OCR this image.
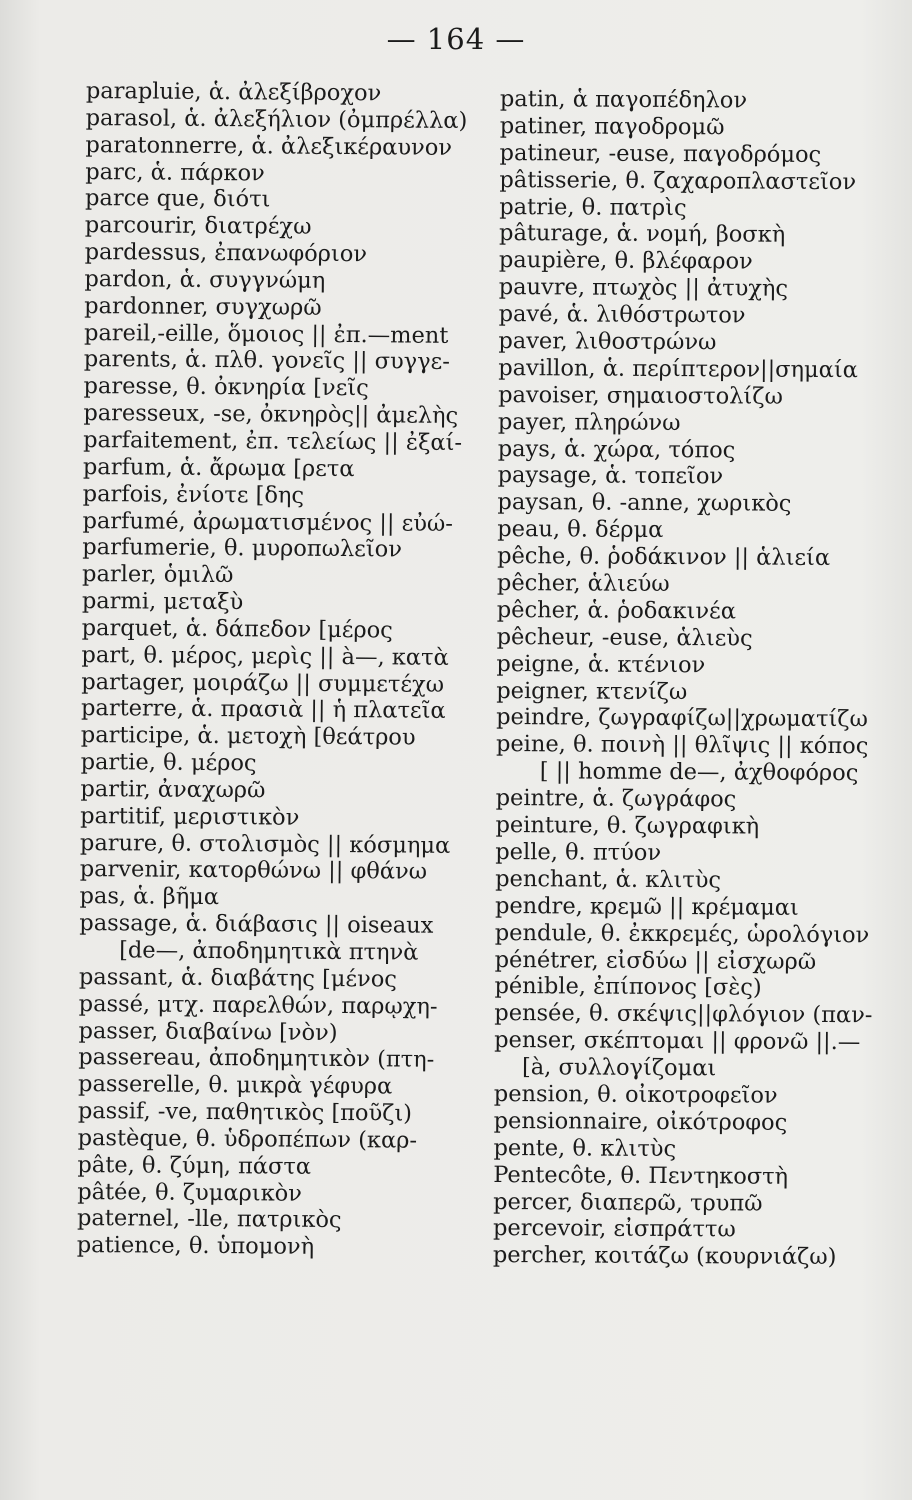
— 164 —
parapluie, ἁ. ἀλεξίβροχον
parasol, ἁ. ἀλεξήλιον (ὀμπρέλλα)
paratonnerre, ἁ. ἀλεξικέραυνον
parc, ἁ. πάρκον
parce que, διότι
parcourir, διατρέχω
pardessus, ἐπανωφόριον
pardon, ἁ. συγγνώμη
pardonner, συγχωρῶ
pareil,-eille, ὅμοιος || ἐπ.—ment
parents, ἁ. πλθ. γονεῖς || συγγε-
paresse, θ. ὀκνηρία [νεῖς
paresseux, -se, ὀκνηρὸς|| ἀμελὴς
parfaitement, ἐπ. τελείως || ἐξαί-
parfum, ἁ. ἄρωμα [ρετα
parfois, ἐνίοτε [δης
parfumé, ἀρωματισμένος || εὐώ-
parfumerie, θ. μυροπωλεῖον
parler, ὁμιλῶ
parmi, μεταξὺ
parquet, ἁ. δάπεδον [μέρος
part, θ. μέρος, μερὶς || à—, κατὰ
partager, μοιράζω || συμμετέχω
parterre, ἁ. πρασιὰ || ἡ πλατεῖα
participe, ἁ. μετοχὴ [θεάτρου
partie, θ. μέρος
partir, ἀναχωρῶ
partitif, μεριστικὸν
parure, θ. στολισμὸς || κόσμημα
parvenir, κατορθώνω || φθάνω
pas, ἁ. βῆμα
passage, ἁ. διάβασις || oiseaux
[de—, ἀποδημητικὰ πτηνὰ
passant, ἁ. διαβάτης [μένος
passé, μτχ. παρελθών, παρῳχη-
passer, διαβαίνω [νὸν)
passereau, ἀποδημητικὸν (πτη-
passerelle, θ. μικρὰ γέφυρα
passif, -ve, παθητικὸς [ποῦζι)
pastèque, θ. ὑδροπέπων (καρ-
pâte, θ. ζύμη, πάστα
pâtée, θ. ζυμαρικὸν
paternel, -lle, πατρικὸς
patience, θ. ὑπομονὴ
patin, ἁ παγοπέδηλον
patiner, παγοδρομῶ
patineur, -euse, παγοδρόμος
pâtisserie, θ. ζαχαροπλαστεῖον
patrie, θ. πατρὶς
pâturage, ἁ. νομή, βοσκὴ
paupière, θ. βλέφαρον
pauvre, πτωχὸς || ἀτυχὴς
pavé, ἁ. λιθόστρωτον
paver, λιθοστρώνω
pavillon, ἁ. περίπτερον||σημαία
pavoiser, σημαιοστολίζω
payer, πληρώνω
pays, ἁ. χώρα, τόπος
paysage, ἁ. τοπεῖον
paysan, θ. -anne, χωρικὸς
peau, θ. δέρμα
pêche, θ. ῥοδάκινον || ἁλιεία
pêcher, ἁλιεύω
pêcher, ἁ. ῥοδακινέα
pêcheur, -euse, ἁλιεὺς
peigne, ἁ. κτένιον
peigner, κτενίζω
peindre, ζωγραφίζω||χρωματίζω
peine, θ. ποινὴ || θλῖψις || κόπος
[ || homme de—, ἀχθοφόρος
peintre, ἁ. ζωγράφος
peinture, θ. ζωγραφικὴ
pelle, θ. πτύον
penchant, ἁ. κλιτὺς
pendre, κρεμῶ || κρέμαμαι
pendule, θ. ἐκκρεμές, ὡρολόγιον
pénétrer, εἰσδύω || εἰσχωρῶ
pénible, ἐπίπονος [σὲς)
pensée, θ. σκέψις||φλόγιον (παν-
penser, σκέπτομαι || φρονῶ ||.—
[à, συλλογίζομαι
pension, θ. οἰκοτροφεῖον
pensionnaire, οἰκότροφος
pente, θ. κλιτὺς
Pentecôte, θ. Πεντηκοστὴ
percer, διαπερῶ, τρυπῶ
percevoir, εἰσπράττω
percher, κοιτάζω (κουρνιάζω)
